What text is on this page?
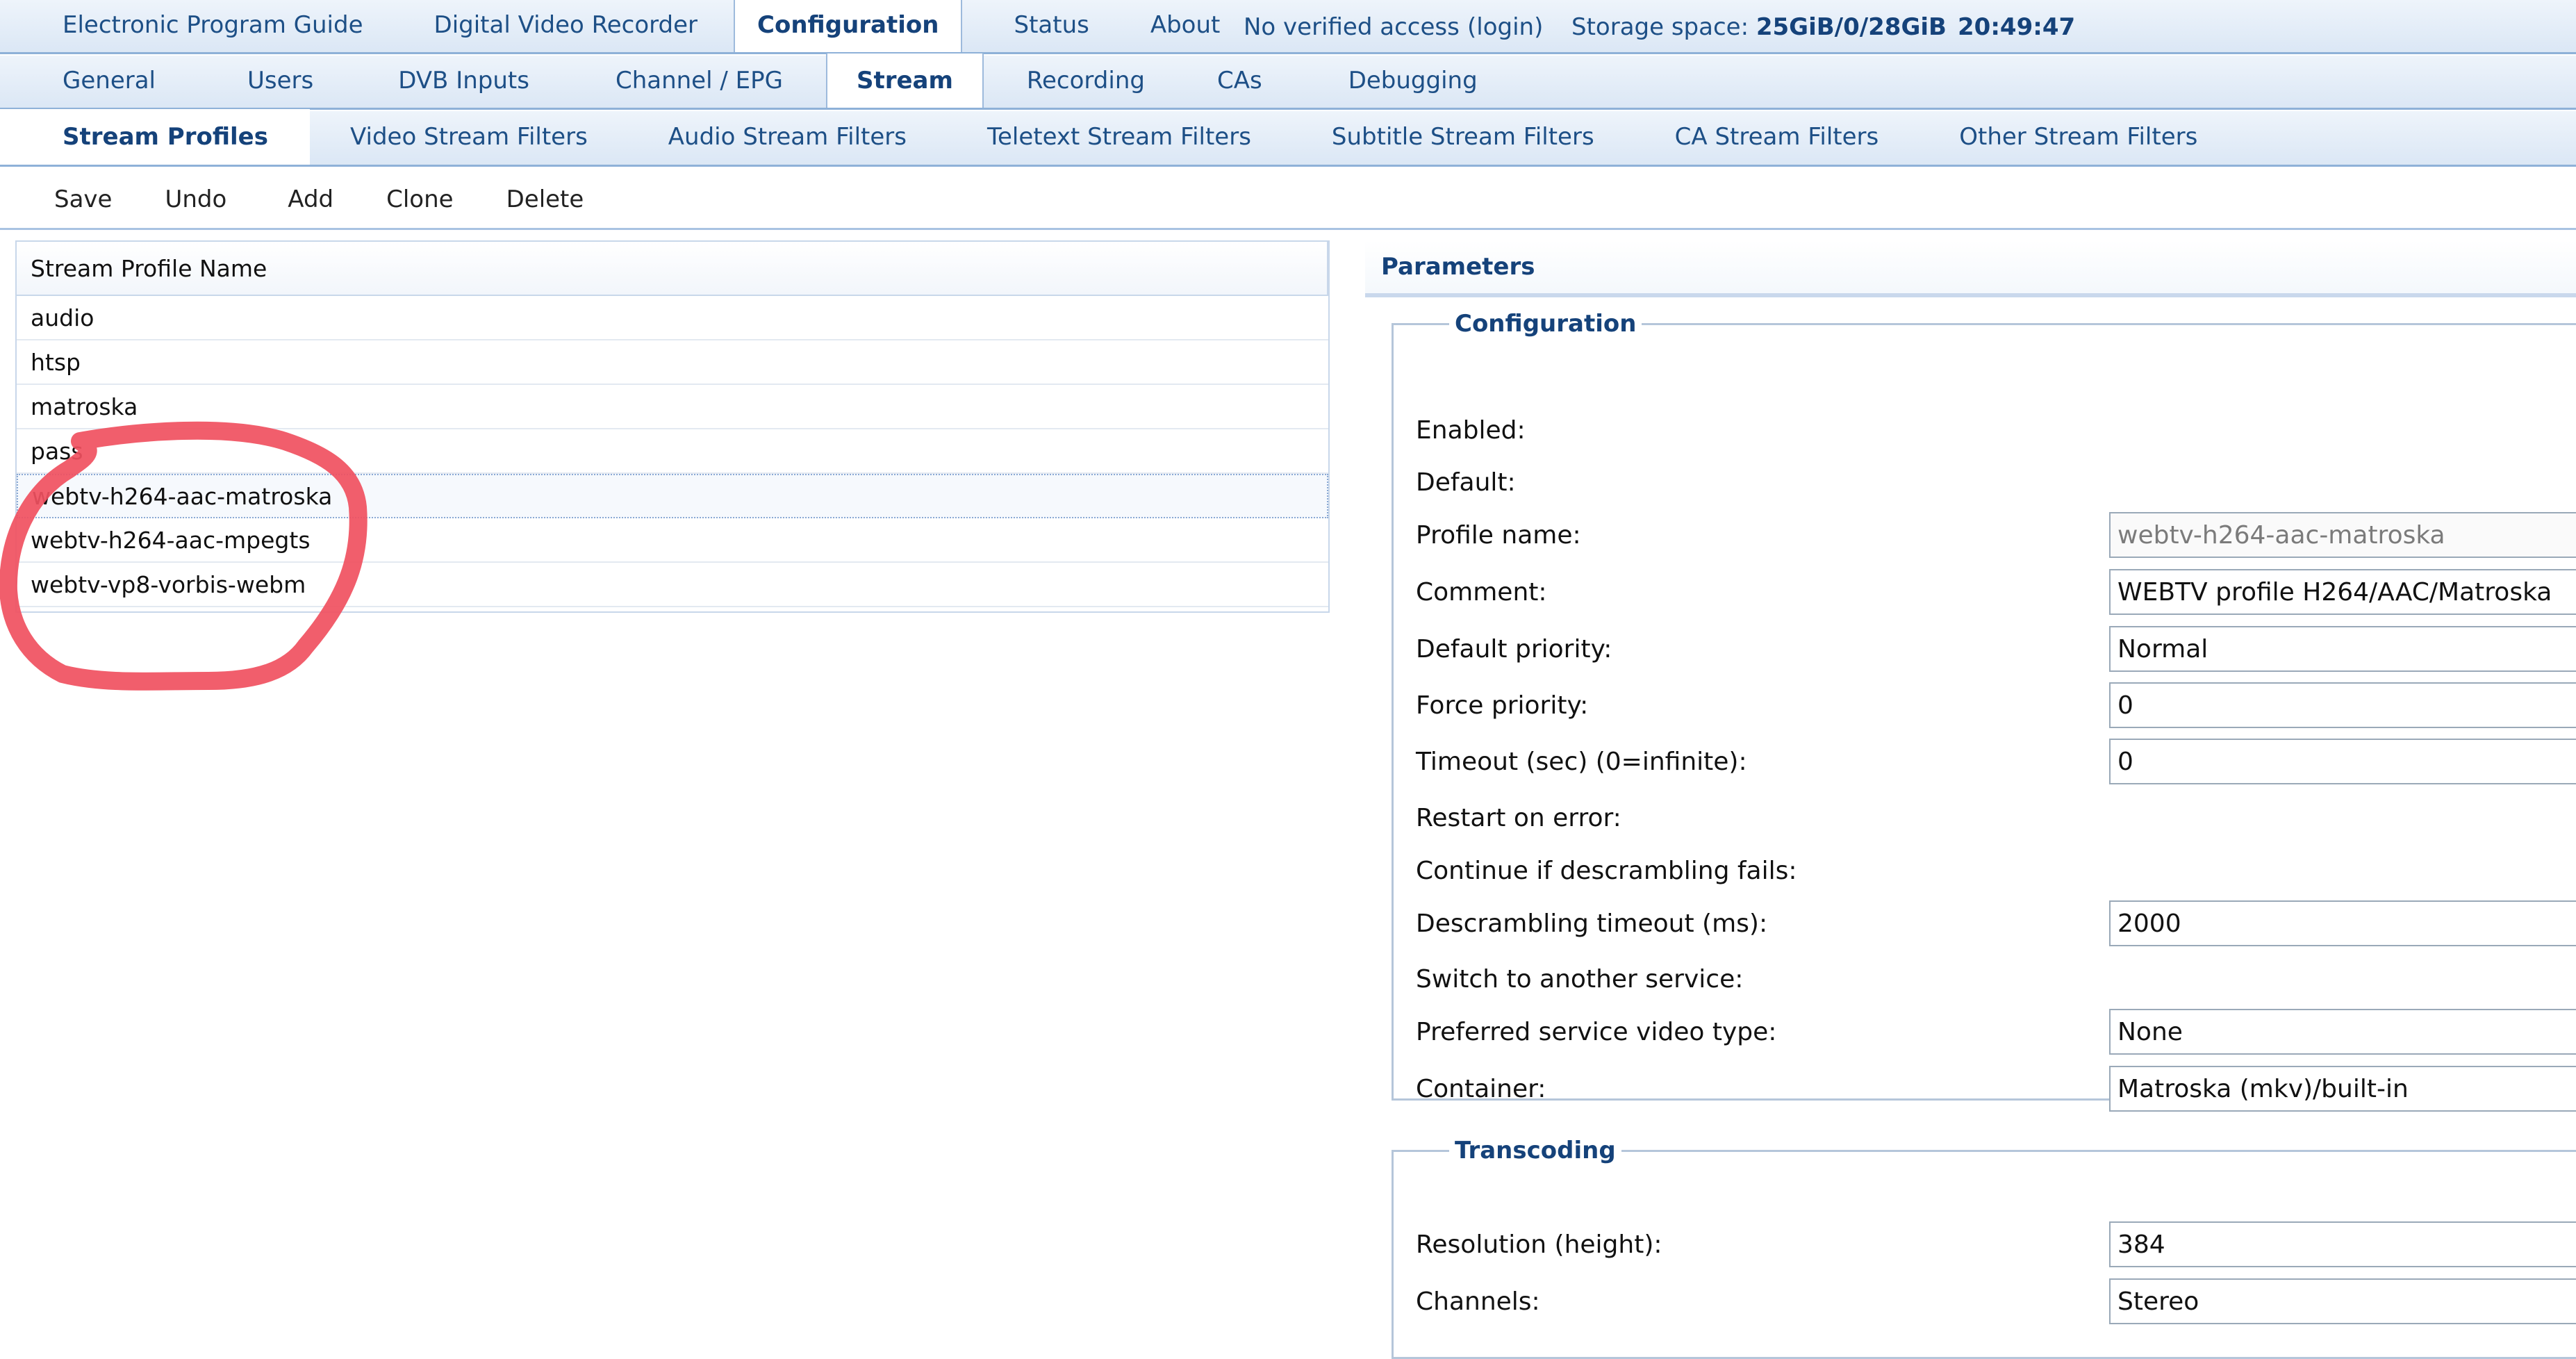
Electronic Program Guide	Digital Video Recorder	Configuration	Status	About No verified access (login) Storage space:
25GiB/0/28GiB 20:49:47
General	Users	DVB Inputs	Channel / EPG	Stream	Recording	CAs	Debugging
Stream Profiles	Video Stream Filters	Audio Stream Filters	Teletext Stream Filters	Subtitle Stream Filters	CA Stream Filters	Other Stream Filters
Save	Undo	Add	Clone	Delete
Stream Profile Name
audio
htsp
matroska
pass
webtv-h264-aac-matroska
webtv-h264-aac-mpegts
webtv-vp8-vorbis-webm
Parameters
Configuration
Enabled:
Default:
Profile name:	webtv-h264-aac-matroska
Comment:	WEBTV profile H264/AAC/Matroska
Default priority:	Normal
Force priority:	0
Timeout (sec) (0=infinite):	0
Restart on error:
Continue if descrambling fails:
Descrambling timeout (ms):	2000
Switch to another service:
Preferred service video type:	None
Container:	Matroska (mkv)/built-in
Transcoding
Resolution (height):	384
Channels:	Stereo
